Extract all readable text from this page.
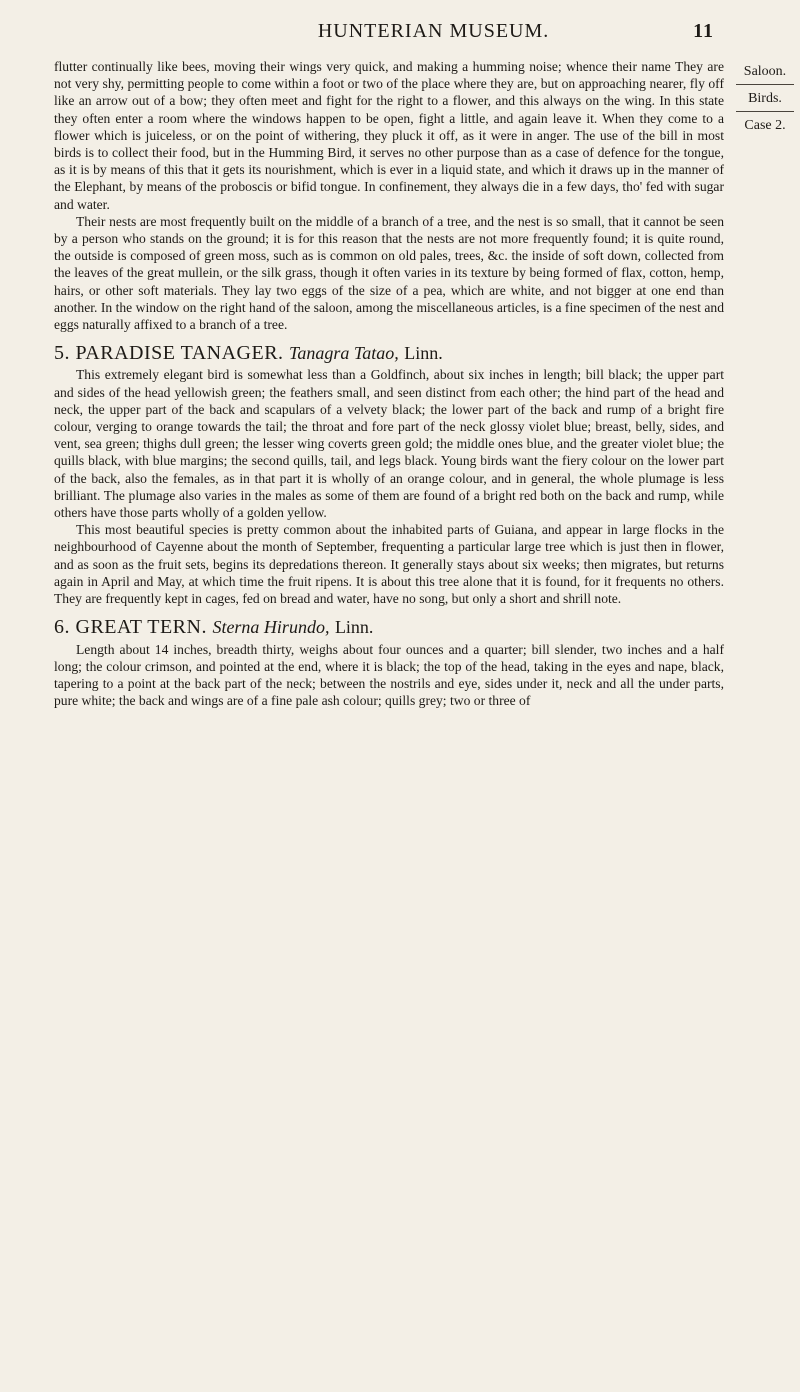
HUNTERIAN MUSEUM.	11
Saloon.
Birds.
Case 2.

flutter continually like bees, moving their wings very quick, and making a humming noise; whence their name They are not very shy, permitting people to come within a foot or two of the place where they are, but on approaching nearer, fly off like an arrow out of a bow; they often meet and fight for the right to a flower, and this always on the wing. In this state they often enter a room where the windows happen to be open, fight a little, and again leave it. When they come to a flower which is juiceless, or on the point of withering, they pluck it off, as it were in anger. The use of the bill in most birds is to collect their food, but in the Humming Bird, it serves no other purpose than as a case of defence for the tongue, as it is by means of this that it gets its nourishment, which is ever in a liquid state, and which it draws up in the manner of the Elephant, by means of the proboscis or bifid tongue. In confinement, they always die in a few days, tho' fed with sugar and water.

Their nests are most frequently built on the middle of a branch of a tree, and the nest is so small, that it cannot be seen by a person who stands on the ground; it is for this reason that the nests are not more frequently found; it is quite round, the outside is composed of green moss, such as is common on old pales, trees, &c. the inside of soft down, collected from the leaves of the great mullein, or the silk grass, though it often varies in its texture by being formed of flax, cotton, hemp, hairs, or other soft materials. They lay two eggs of the size of a pea, which are white, and not bigger at one end than another. In the window on the right hand of the saloon, among the miscellaneous articles, is a fine specimen of the nest and eggs naturally affixed to a branch of a tree.

5. PARADISE TANAGER. Tanagra Tatao, Linn.

This extremely elegant bird is somewhat less than a Goldfinch, about six inches in length; bill black; the upper part and sides of the head yellowish green; the feathers small, and seen distinct from each other; the hind part of the head and neck, the upper part of the back and scapulars of a velvety black; the lower part of the back and rump of a bright fire colour, verging to orange towards the tail; the throat and fore part of the neck glossy violet blue; breast, belly, sides, and vent, sea green; thighs dull green; the lesser wing coverts green gold; the middle ones blue, and the greater violet blue; the quills black, with blue margins; the second quills, tail, and legs black. Young birds want the fiery colour on the lower part of the back, also the females, as in that part it is wholly of an orange colour, and in general, the whole plumage is less brilliant. The plumage also varies in the males as some of them are found of a bright red both on the back and rump, while others have those parts wholly of a golden yellow.

This most beautiful species is pretty common about the inhabited parts of Guiana, and appear in large flocks in the neighbourhood of Cayenne about the month of September, frequenting a particular large tree which is just then in flower, and as soon as the fruit sets, begins its depredations thereon. It generally stays about six weeks; then migrates, but returns again in April and May, at which time the fruit ripens. It is about this tree alone that it is found, for it frequents no others. They are frequently kept in cages, fed on bread and water, have no song, but only a short and shrill note.

6. GREAT TERN. Sterna Hirundo, Linn.

Length about 14 inches, breadth thirty, weighs about four ounces and a quarter; bill slender, two inches and a half long; the colour crimson, and pointed at the end, where it is black; the top of the head, taking in the eyes and nape, black, tapering to a point at the back part of the neck; between the nostrils and eye, sides under it, neck and all the under parts, pure white; the back and wings are of a fine pale ash colour; quills grey; two or three of
